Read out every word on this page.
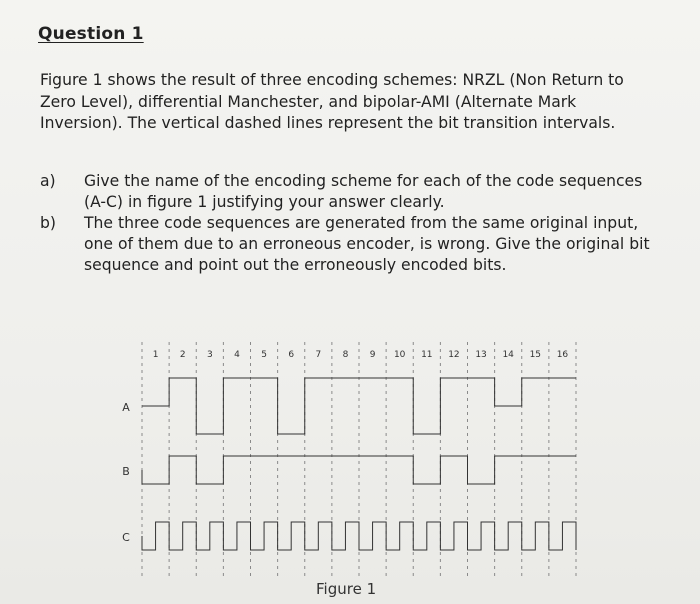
Question 1

Figure 1 shows the result of three encoding schemes: NRZL (Non Return to Zero Level), differential Manchester, and bipolar-AMI (Alternate Mark Inversion). The vertical dashed lines represent the bit transition intervals.

a) Give the name of the encoding scheme for each of the code sequences (A-C) in figure 1 justifying your answer clearly.
b) The three code sequences are generated from the same original input, one of them due to an erroneous encoder, is wrong. Give the original bit sequence and point out the erroneously encoded bits.
1 2 3 4 5 6 7 8 9 10 11 12 13 14 15 16
A
B
C
Figure 1
